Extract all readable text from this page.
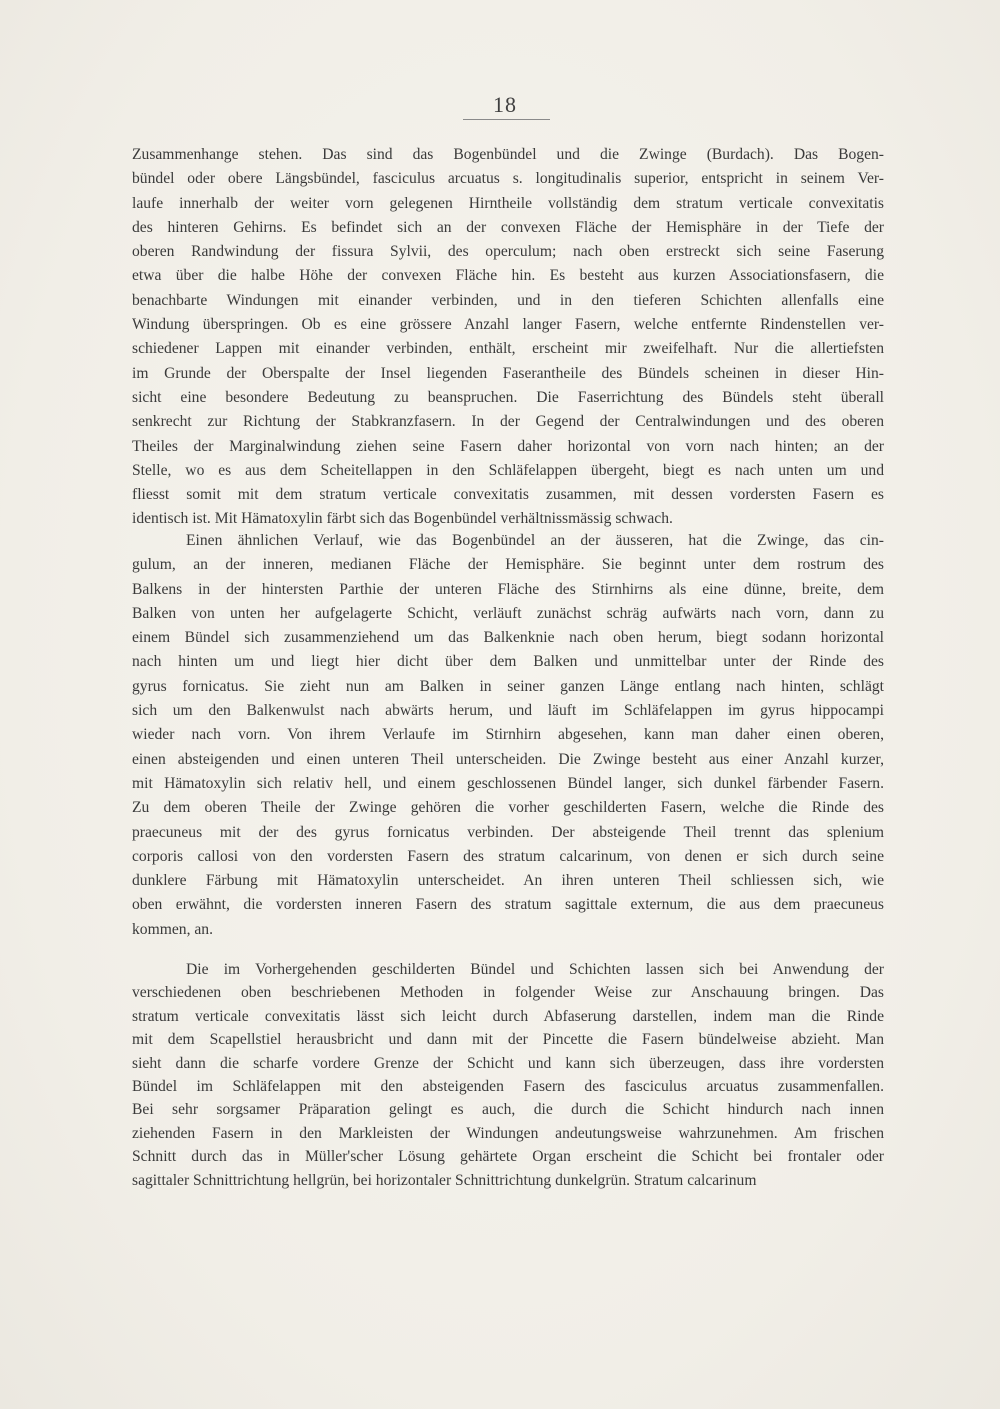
18
Zusammenhange stehen. Das sind das Bogenbündel und die Zwinge (Burdach). Das Bogen-
bündel oder obere Längsbündel, fasciculus arcuatus s. longitudinalis superior, entspricht in seinem Ver-
laufe innerhalb der weiter vorn gelegenen Hirntheile vollständig dem stratum verticale convexitatis
des hinteren Gehirns. Es befindet sich an der convexen Fläche der Hemisphäre in der Tiefe der
oberen Randwindung der fissura Sylvii, des operculum; nach oben erstreckt sich seine Faserung
etwa über die halbe Höhe der convexen Fläche hin. Es besteht aus kurzen Associationsfasern, die
benachbarte Windungen mit einander verbinden, und in den tieferen Schichten allenfalls eine
Windung überspringen. Ob es eine grössere Anzahl langer Fasern, welche entfernte Rindenstellen ver-
schiedener Lappen mit einander verbinden, enthält, erscheint mir zweifelhaft. Nur die allertiefsten
im Grunde der Oberspalte der Insel liegenden Faserantheile des Bündels scheinen in dieser Hin-
sicht eine besondere Bedeutung zu beanspruchen. Die Faserrichtung des Bündels steht überall
senkrecht zur Richtung der Stabkranzfasern. In der Gegend der Centralwindungen und des oberen
Theiles der Marginalwindung ziehen seine Fasern daher horizontal von vorn nach hinten; an der
Stelle, wo es aus dem Scheitellappen in den Schläfelappen übergeht, biegt es nach unten um und
fliesst somit mit dem stratum verticale convexitatis zusammen, mit dessen vordersten Fasern es
identisch ist. Mit Hämatoxylin färbt sich das Bogenbündel verhältnissmässig schwach.
Einen ähnlichen Verlauf, wie das Bogenbündel an der äusseren, hat die Zwinge, das cin-
gulum, an der inneren, medianen Fläche der Hemisphäre. Sie beginnt unter dem rostrum des
Balkens in der hintersten Parthie der unteren Fläche des Stirnhirns als eine dünne, breite, dem
Balken von unten her aufgelagerte Schicht, verläuft zunächst schräg aufwärts nach vorn, dann zu
einem Bündel sich zusammenziehend um das Balkenknie nach oben herum, biegt sodann horizontal
nach hinten um und liegt hier dicht über dem Balken und unmittelbar unter der Rinde des
gyrus fornicatus. Sie zieht nun am Balken in seiner ganzen Länge entlang nach hinten, schlägt
sich um den Balkenwulst nach abwärts herum, und läuft im Schläfelappen im gyrus hippocampi
wieder nach vorn. Von ihrem Verlaufe im Stirnhirn abgesehen, kann man daher einen oberen,
einen absteigenden und einen unteren Theil unterscheiden. Die Zwinge besteht aus einer Anzahl kurzer,
mit Hämatoxylin sich relativ hell, und einem geschlossenen Bündel langer, sich dunkel färbender Fasern.
Zu dem oberen Theile der Zwinge gehören die vorher geschilderten Fasern, welche die Rinde des
praecuneus mit der des gyrus fornicatus verbinden. Der absteigende Theil trennt das splenium
corporis callosi von den vordersten Fasern des stratum calcarinum, von denen er sich durch seine
dunklere Färbung mit Hämatoxylin unterscheidet. An ihren unteren Theil schliessen sich, wie
oben erwähnt, die vordersten inneren Fasern des stratum sagittale externum, die aus dem praecuneus
kommen, an.
Die im Vorhergehenden geschilderten Bündel und Schichten lassen sich bei Anwendung der
verschiedenen oben beschriebenen Methoden in folgender Weise zur Anschauung bringen. Das
stratum verticale convexitatis lässt sich leicht durch Abfaserung darstellen, indem man die Rinde
mit dem Scapellstiel herausbricht und dann mit der Pincette die Fasern bündelweise abzieht. Man
sieht dann die scharfe vordere Grenze der Schicht und kann sich überzeugen, dass ihre vordersten
Bündel im Schläfelappen mit den absteigenden Fasern des fasciculus arcuatus zusammenfallen.
Bei sehr sorgsamer Präparation gelingt es auch, die durch die Schicht hindurch nach innen
ziehenden Fasern in den Markleisten der Windungen andeutungsweise wahrzunehmen. Am frischen
Schnitt durch das in Müller'scher Lösung gehärtete Organ erscheint die Schicht bei frontaler oder
sagittaler Schnittrichtung hellgrün, bei horizontaler Schnittrichtung dunkelgrün. Stratum calcarinum
